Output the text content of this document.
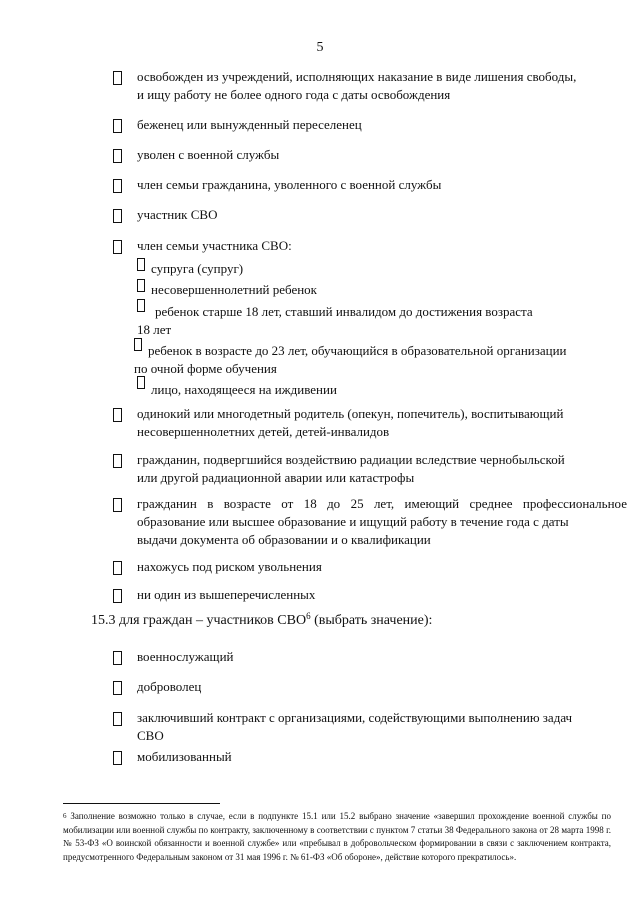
5
освобожден из учреждений, исполняющих наказание в виде лишения свободы,
и ищу работу не более одного года с даты освобождения
беженец или вынужденный переселенец
уволен с военной службы
член семьи гражданина, уволенного с военной службы
участник СВО
член семьи участника СВО:
супруга (супруг)
несовершеннолетний ребенок
ребенок старше 18 лет, ставший инвалидом до достижения возраста
18 лет
ребенок в возрасте до 23 лет, обучающийся в образовательной организации
по очной форме обучения
лицо, находящееся на иждивении
одинокий или многодетный родитель (опекун, попечитель), воспитывающий
несовершеннолетних детей, детей-инвалидов
гражданин, подвергшийся воздействию радиации вследствие чернобыльской
или другой радиационной аварии или катастрофы
гражданин в возрасте от 18 до 25 лет, имеющий среднее профессиональное образование или высшее образование и ищущий работу в течение года с даты
выдачи документа об образовании и о квалификации
нахожусь под риском увольнения
ни один из вышеперечисленных
15.3 для граждан – участников СВО$^6$ (выбрать значение):
военнослужащий
доброволец
заключивший контракт с организациями, содействующими выполнению задач
СВО
мобилизованный
$^6$ Заполнение возможно только в случае, если в подпункте 15.1 или 15.2 выбрано значение «завершил прохождение военной службы по мобилизации или военной службы по контракту, заключенному в соответствии с пунктом 7 статьи 38 Федерального закона от 28 марта 1998 г. № 53-ФЗ «О воинской обязанности и военной службе» или «пребывал в добровольческом формировании в связи с заключением контракта, предусмотренного Федеральным законом от 31 мая 1996 г. № 61-ФЗ «Об обороне», действие которого прекратилось».
